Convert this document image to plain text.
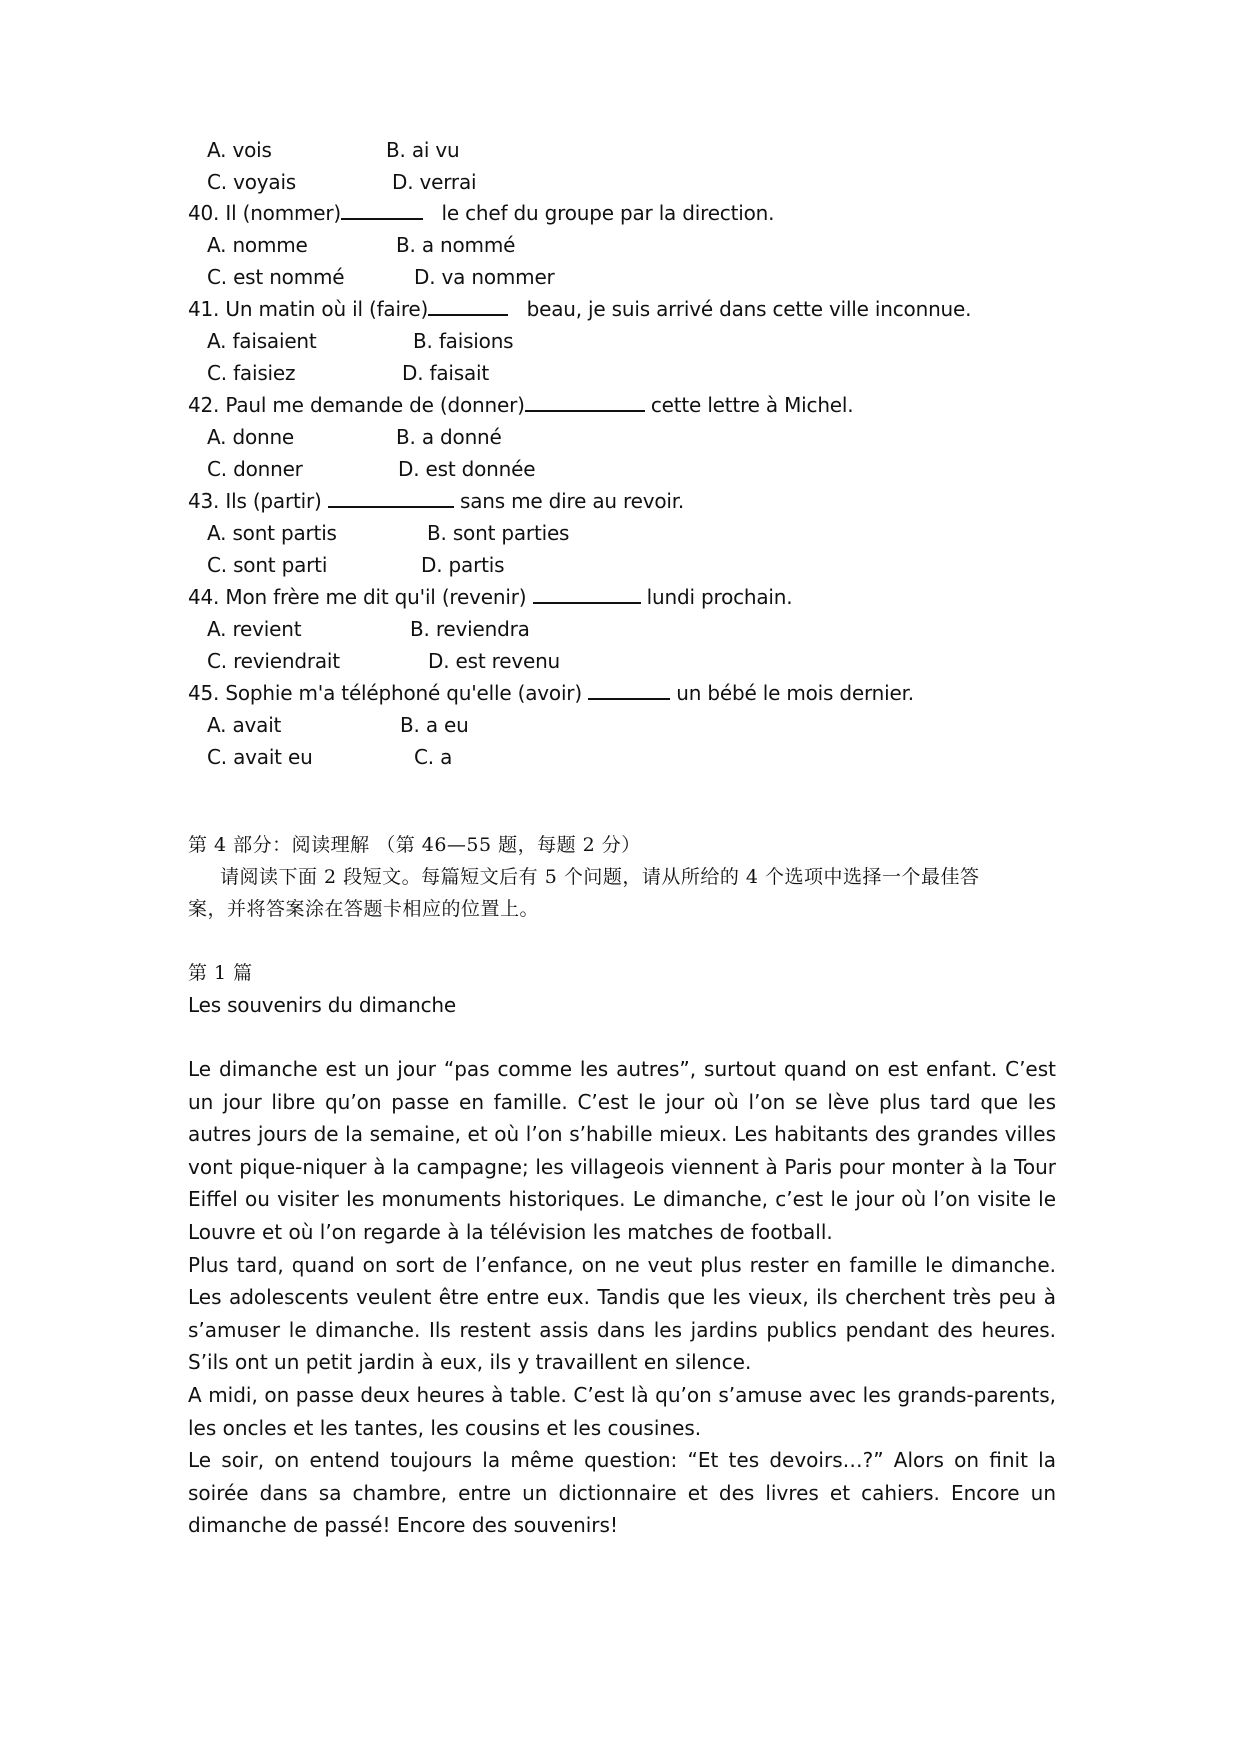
A. vois	B. ai vu
C. voyais	D. verrai
40. Il (nommer)	le chef du groupe par la direction.
A. nomme	B. a nommé
C. est nommé	D. va nommer
41. Un matin où il (faire)	beau, je suis arrivé dans cette ville inconnue.
A. faisaient	B. faisions
C. faisiez	D. faisait
42. Paul me demande de (donner)	cette lettre à Michel.
A. donne	B. a donné
C. donner	D. est donnée
43. Ils (partir)	sans me dire au revoir.
A. sont partis	B. sont parties
C. sont parti	D. partis
44. Mon frère me dit qu'il (revenir)	lundi prochain.
A. revient	B. reviendra
C. reviendrait	D. est revenu
45. Sophie m'a téléphoné qu'elle (avoir)	un bébé le mois dernier.
A. avait	B. a eu
C. avait eu	C. a
第 4 部分：阅读理解 （第 46—55 题，每题 2 分）
请阅读下面 2 段短文。每篇短文后有 5 个问题，请从所给的 4 个选项中选择一个最佳答
案，并将答案涂在答题卡相应的位置上。
第 1 篇
Les souvenirs du dimanche

Le dimanche est un jour “pas comme les autres”, surtout quand on est enfant. C’est un jour libre qu’on passe en famille. C’est le jour où l’on se lève plus tard que les autres jours de la semaine, et où l’on s’habille mieux. Les habitants des grandes villes vont pique-niquer à la campagne; les villageois viennent à Paris pour monter à la Tour Eiffel ou visiter les monuments historiques. Le dimanche, c’est le jour où l’on visite le Louvre et où l’on regarde à la télévision les matches de football.

Plus tard, quand on sort de l’enfance, on ne veut plus rester en famille le dimanche. Les adolescents veulent être entre eux. Tandis que les vieux, ils cherchent très peu à s’amuser le dimanche. Ils restent assis dans les jardins publics pendant des heures. S’ils ont un petit jardin à eux, ils y travaillent en silence.

A midi, on passe deux heures à table. C’est là qu’on s’amuse avec les grands-parents, les oncles et les tantes, les cousins et les cousines.

Le soir, on entend toujours la même question: “Et tes devoirs…?” Alors on finit la soirée dans sa chambre, entre un dictionnaire et des livres et cahiers. Encore un dimanche de passé! Encore des souvenirs!
